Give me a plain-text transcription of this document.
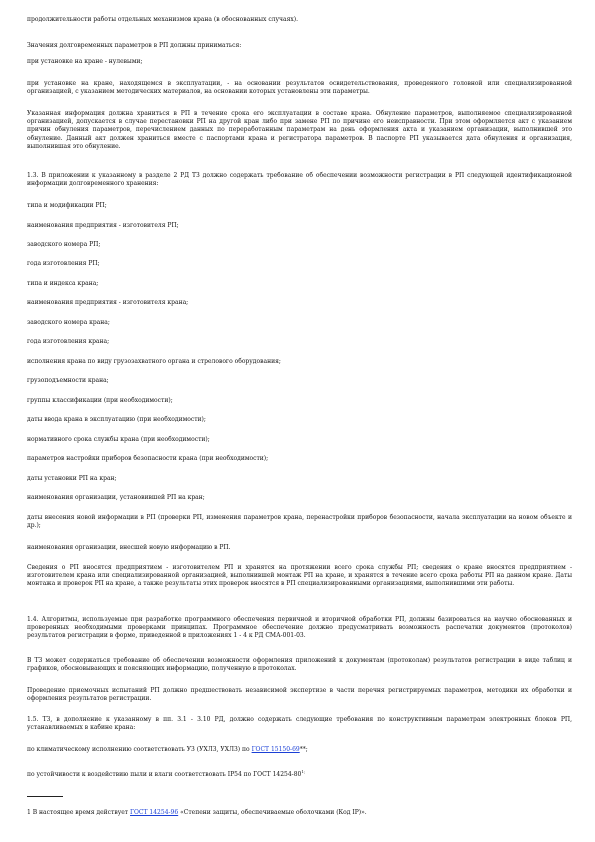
продолжительности работы отдельных механизмов крана (в обоснованных случаях).

Значения долговременных параметров в РП должны приниматься:

при установке на кране - нулевыми;

при установке на кране, находящемся в эксплуатации, - на основании результатов освидетельствования, проведенного головной или специализированной организацией, с указанием методических материалов, на основании которых установлены эти параметры.

Указанная информация должна храниться в РП в течение срока его эксплуатации в составе крана. Обнуление параметров, выполняемое специализированной организацией, допускается в случае перестановки РП на другой кран либо при замене РП по причине его неисправности. При этом оформляется акт с указанием причин обнуления параметров, перечислением данных по переработанным параметрам на день оформления акта и указанием организации, выполнившей это обнуление. Данный акт должен храниться вместе с паспортами крана и регистратора параметров. В паспорте РП указывается дата обнуления и организация, выполнившая это обнуление.

1.3. В приложении к указанному в разделе 2 РД ТЗ должно содержать требование об обеспечении возможности регистрации в РП следующей идентификационной информации долговременного хранения:

типа и модификации РП;

наименования предприятия - изготовителя РП;

заводского номера РП;

года изготовления РП;

типа и индекса крана;

наименования предприятия - изготовителя крана;

заводского номера крана;

года изготовления крана;

исполнения крана по виду грузозахватного органа и стрелового оборудования;

грузоподъемности крана;

группы классификации (при необходимости);

даты ввода крана в эксплуатацию (при необходимости);

нормативного срока службы крана (при необходимости);

параметров настройки приборов безопасности крана (при необходимости);

даты установки РП на кран;

наименования организации, установившей РП на кран;

даты внесения новой информации в РП (проверки РП, изменения параметров крана, перенастройки приборов безопасности, начала эксплуатации на новом объекте и др.);

наименования организации, внесшей новую информацию в РП.

Сведения о РП вносятся предприятием - изготовителем РП и хранятся на протяжении всего срока службы РП; сведения о кране вносятся предприятием - изготовителем крана или специализированной организацией, выполнившей монтаж РП на кране, и хранятся в течение всего срока работы РП на данном кране. Даты монтажа и проверок РП на кране, а также результаты этих проверок вносятся в РП специализированными организациями, выполнившими эти работы.

1.4. Алгоритмы, используемые при разработке программного обеспечения первичной и вторичной обработки РП, должны базироваться на научно обоснованных и проверенных необходимыми проверками принципах. Программное обеспечение должно предусматривать возможность распечатки документов (протоколов) результатов регистрации в форме, приведенной в приложениях 1 - 4 к РД СМА-001-03.

В ТЗ может содержаться требование об обеспечении возможности оформления приложений к документам (протоколам) результатов регистрации в виде таблиц и графиков, обосновывающих и поясняющих информацию, полученную в протоколах.

Проведение приемочных испытаний РП должно предшествовать независимой экспертизе в части перечня регистрируемых параметров, методики их обработки и оформления результатов регистрации.

1.5. ТЗ, в дополнение к указанному в пп. 3.1 - 3.10 РД, должно содержать следующие требования по конструктивным параметрам электронных блоков РП, устанавливаемых в кабине крана:

по климатическому исполнению соответствовать У3 (УХЛ3, УХЛ3) по ГОСТ 15150-69**;

по устойчивости к воздействию пыли и влаги соответствовать IP54 по ГОСТ $14254-80^{1;}$

1 В настоящее время действует ГОСТ 14254-96 «Степени защиты, обеспечиваемые оболочками (Код IP)».
